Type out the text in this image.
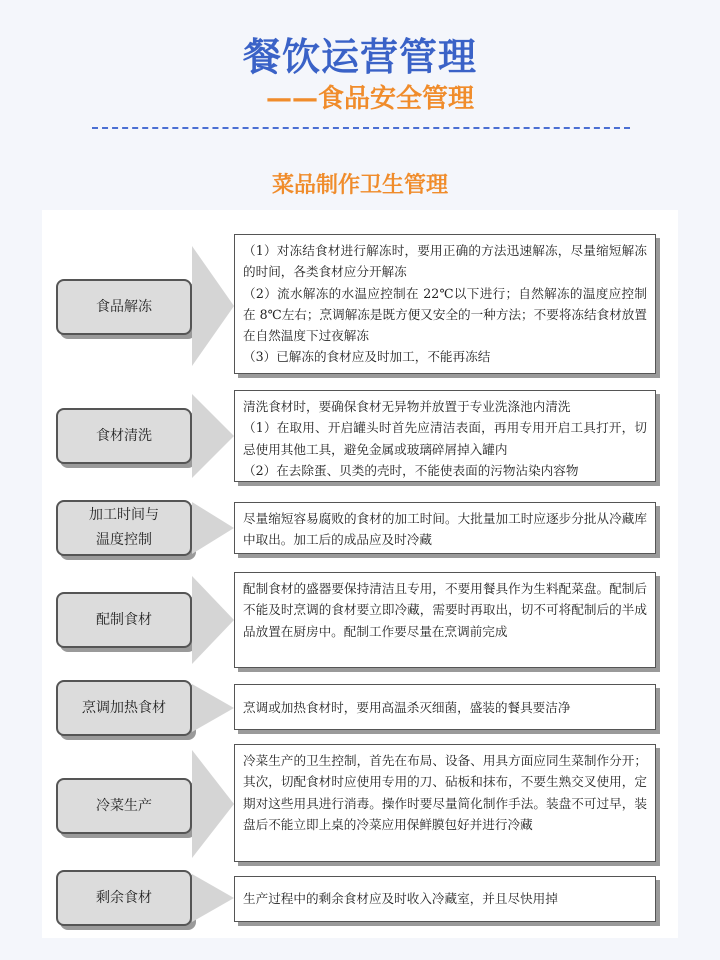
餐饮运营管理
——食品安全管理
菜品制作卫生管理
食品解冻

（1）对冻结食材进行解冻时，要用正确的方法迅速解冻，尽量缩短解冻的时间，各类食材应分开解冻

（2）流水解冻的水温应控制在 22℃以下进行；自然解冻的温度应控制在 8℃左右；烹调解冻是既方便又安全的一种方法；不要将冻结食材放置在自然温度下过夜解冻

（3）已解冻的食材应及时加工，不能再冻结

食材清洗

清洗食材时，要确保食材无异物并放置于专业洗涤池内清洗

（1）在取用、开启罐头时首先应清洁表面，再用专用开启工具打开，切忌使用其他工具，避免金属或玻璃碎屑掉入罐内

（2）在去除蛋、贝类的壳时，不能使表面的污物沾染内容物

加工时间与
温度控制

尽量缩短容易腐败的食材的加工时间。大批量加工时应逐步分批从冷藏库中取出。加工后的成品应及时冷藏

配制食材

配制食材的盛器要保持清洁且专用，不要用餐具作为生料配菜盘。配制后不能及时烹调的食材要立即冷藏，需要时再取出，切不可将配制后的半成品放置在厨房中。配制工作要尽量在烹调前完成

烹调加热食材	烹调或加热食材时，要用高温杀灭细菌，盛装的餐具要洁净

冷菜生产

冷菜生产的卫生控制，首先在布局、设备、用具方面应同生菜制作分开；其次，切配食材时应使用专用的刀、砧板和抹布，不要生熟交叉使用，定期对这些用具进行消毒。操作时要尽量简化制作手法。装盘不可过早，装盘后不能立即上桌的冷菜应用保鲜膜包好并进行冷藏

剩余食材	生产过程中的剩余食材应及时收入冷藏室，并且尽快用掉
